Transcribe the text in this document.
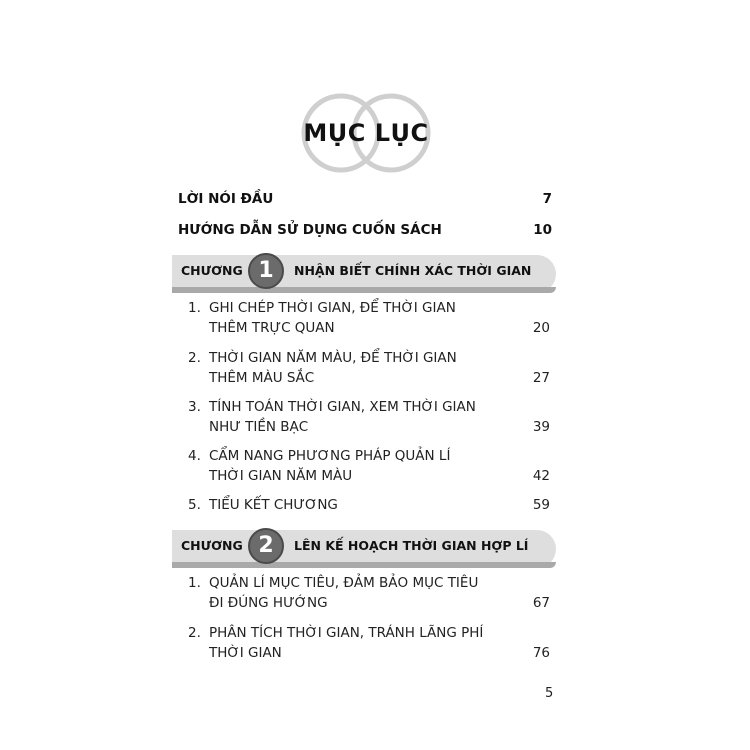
MỤC LỤC
LỜI NÓI ĐẦU	7
HƯỚNG DẪN SỬ DỤNG CUỐN SÁCH	10
CHƯƠNG 1	NHẬN BIẾT CHÍNH XÁC THỜI GIAN
1. GHI CHÉP THỜI GIAN, ĐỂ THỜI GIAN
THÊM TRỰC QUAN	20
2. THỜI GIAN NĂM MÀU, ĐỂ THỜI GIAN
THÊM MÀU SẮC	27
3. TÍNH TOÁN THỜI GIAN, XEM THỜI GIAN
NHƯ TIỀN BẠC	39
4. CẨM NANG PHƯƠNG PHÁP QUẢN LÍ
THỜI GIAN NĂM MÀU	42
5. TIỂU KẾT CHƯƠNG	59
CHƯƠNG 2	LÊN KẾ HOẠCH THỜI GIAN HỢP LÍ
1. QUẢN LÍ MỤC TIÊU, ĐẢM BẢO MỤC TIÊU
ĐI ĐÚNG HƯỚNG	67
2. PHÂN TÍCH THỜI GIAN, TRÁNH LÃNG PHÍ
THỜI GIAN	76
5
